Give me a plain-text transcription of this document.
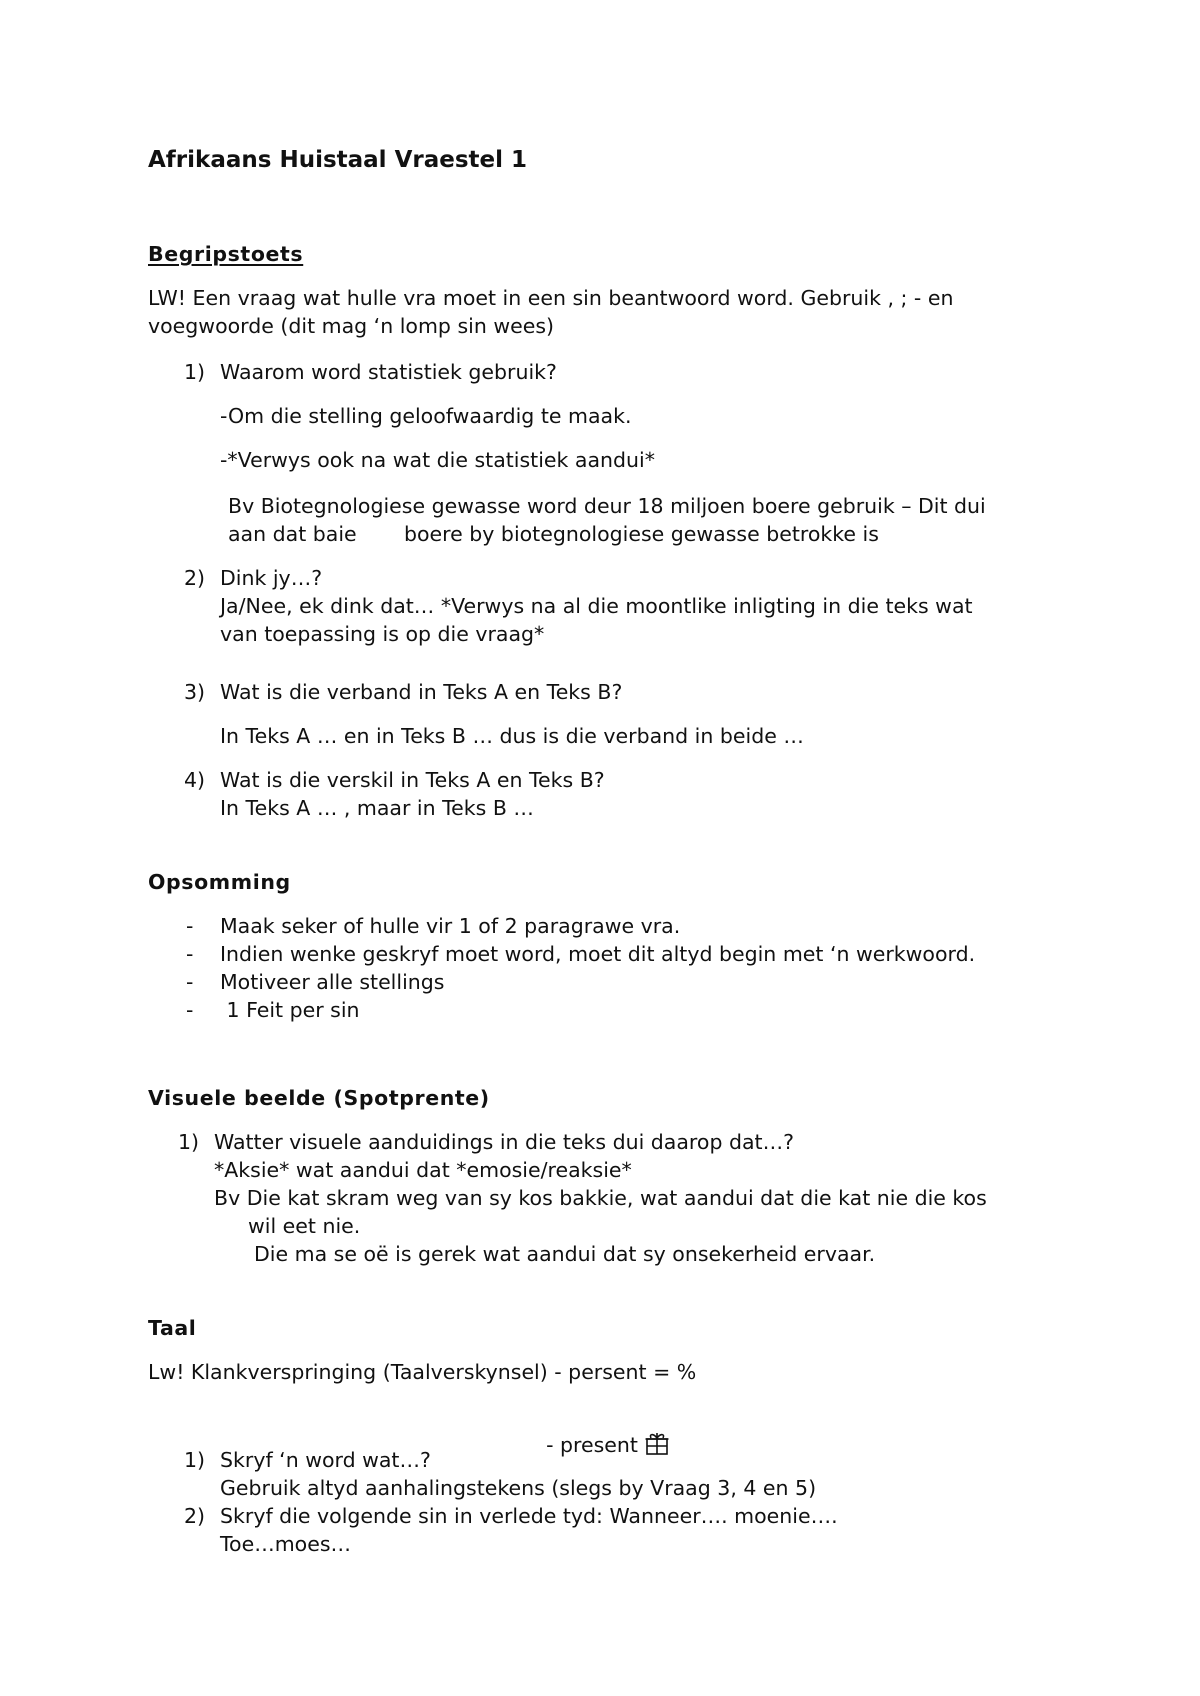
Afrikaans Huistaal Vraestel 1
Begripstoets
LW! Een vraag wat hulle vra moet in een sin beantwoord word. Gebruik , ; - en
voegwoorde (dit mag ‘n lomp sin wees)
1) Waarom word statistiek gebruik?
-Om die stelling geloofwaardig te maak.
-*Verwys ook na wat die statistiek aandui*
Bv Biotegnologiese gewasse word deur 18 miljoen boere gebruik – Dit dui
aan dat baie boere by biotegnologiese gewasse betrokke is
2) Dink jy…?
Ja/Nee, ek dink dat… *Verwys na al die moontlike inligting in die teks wat
van toepassing is op die vraag*
3) Wat is die verband in Teks A en Teks B?
In Teks A … en in Teks B … dus is die verband in beide …
4) Wat is die verskil in Teks A en Teks B?
In Teks A … , maar in Teks B …
Opsomming
- Maak seker of hulle vir 1 of 2 paragrawe vra.
- Indien wenke geskryf moet word, moet dit altyd begin met ‘n werkwoord.
- Motiveer alle stellings
- 1 Feit per sin
Visuele beelde (Spotprente)
1) Watter visuele aanduidings in die teks dui daarop dat…?
*Aksie* wat aandui dat *emosie/reaksie*
Bv Die kat skram weg van sy kos bakkie, wat aandui dat die kat nie die kos
wil eet nie.
Die ma se oë is gerek wat aandui dat sy onsekerheid ervaar.
Taal
Lw! Klankverspringing (Taalverskynsel) - persent = %

- present

1) Skryf ‘n word wat…?
Gebruik altyd aanhalingstekens (slegs by Vraag 3, 4 en 5)
2) Skryf die volgende sin in verlede tyd: Wanneer…. moenie….
Toe…moes…
